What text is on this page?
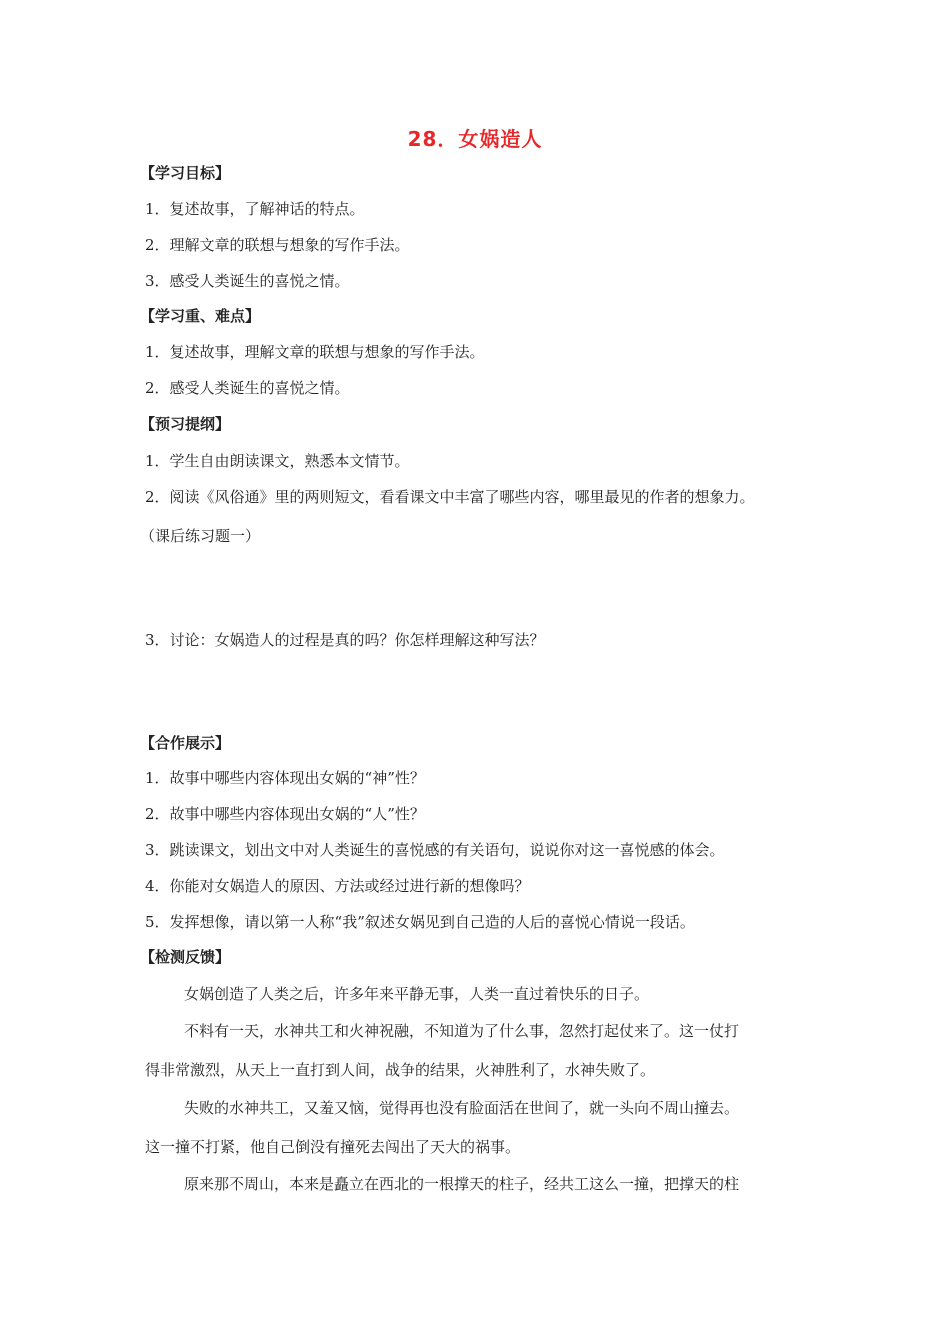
28．女娲造人
【学习目标】
1．复述故事，了解神话的特点。
2．理解文章的联想与想象的写作手法。
3．感受人类诞生的喜悦之情。
【学习重、难点】
1．复述故事，理解文章的联想与想象的写作手法。
2．感受人类诞生的喜悦之情。
【预习提纲】
1．学生自由朗读课文，熟悉本文情节。
2．阅读《风俗通》里的两则短文，看看课文中丰富了哪些内容，哪里最见的作者的想象力。
（课后练习题一）
3．讨论：女娲造人的过程是真的吗？你怎样理解这种写法？
【合作展示】
1．故事中哪些内容体现出女娲的“神”性？
2．故事中哪些内容体现出女娲的“人”性？
3．跳读课文，划出文中对人类诞生的喜悦感的有关语句，说说你对这一喜悦感的体会。
4．你能对女娲造人的原因、方法或经过进行新的想像吗？
5．发挥想像，请以第一人称“我”叙述女娲见到自己造的人后的喜悦心情说一段话。
【检测反馈】
女娲创造了人类之后，许多年来平静无事，人类一直过着快乐的日子。
不料有一天，水神共工和火神祝融，不知道为了什么事，忽然打起仗来了。这一仗打
得非常激烈，从天上一直打到人间，战争的结果，火神胜利了，水神失败了。
失败的水神共工，又羞又恼，觉得再也没有脸面活在世间了，就一头向不周山撞去。
这一撞不打紧，他自己倒没有撞死去闯出了天大的祸事。
原来那不周山，本来是矗立在西北的一根撑天的柱子，经共工这么一撞，把撑天的柱
